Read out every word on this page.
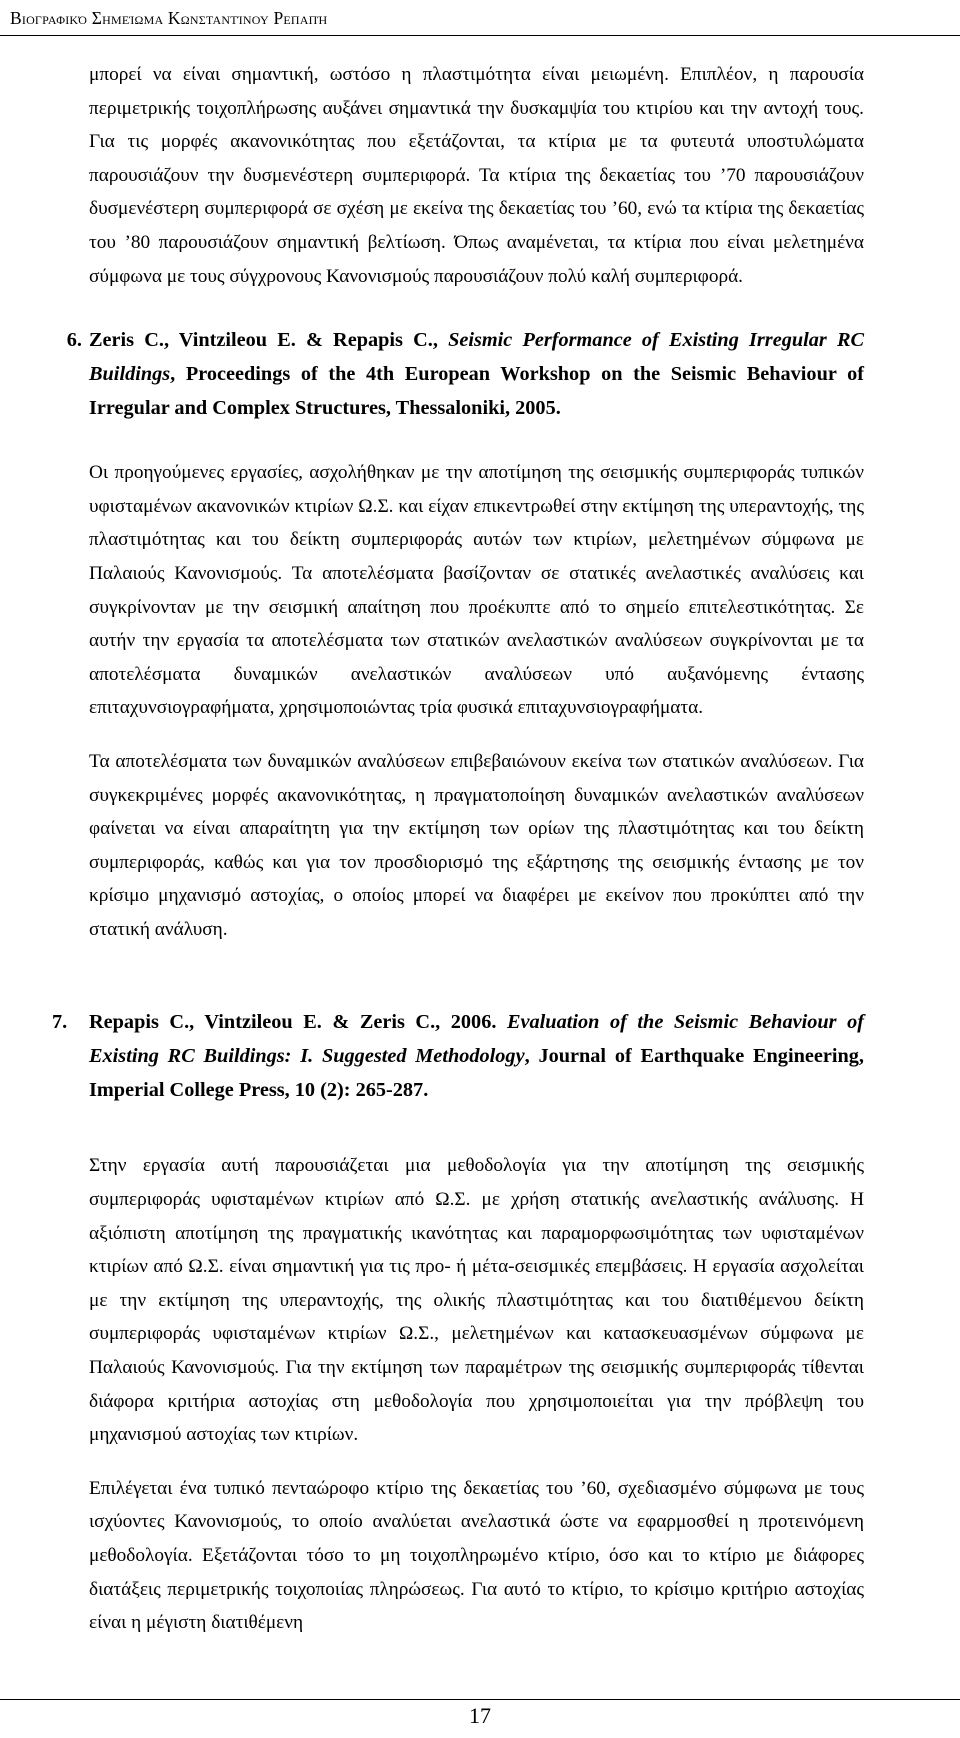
Βιογραφικό Σημείωμα Κωνσταντίνου Ρεπαπή

μπορεί να είναι σημαντική, ωστόσο η πλαστιμότητα είναι μειωμένη. Επιπλέον, η παρουσία περιμετρικής τοιχοπλήρωσης αυξάνει σημαντικά την δυσκαμψία του κτιρίου και την αντοχή τους. Για τις μορφές ακανονικότητας που εξετάζονται, τα κτίρια με τα φυτευτά υποστυλώματα παρουσιάζουν την δυσμενέστερη συμπεριφορά. Τα κτίρια της δεκαετίας του ’70 παρουσιάζουν δυσμενέστερη συμπεριφορά σε σχέση με εκείνα της δεκαετίας του ’60, ενώ τα κτίρια της δεκαετίας του ’80 παρουσιάζουν σημαντική βελτίωση. Όπως αναμένεται, τα κτίρια που είναι μελετημένα σύμφωνα με τους σύγχρονους Κανονισμούς παρουσιάζουν πολύ καλή συμπεριφορά.

6. Zeris C., Vintzileou E. & Repapis C., Seismic Performance of Existing Irregular RC Buildings, Proceedings of the 4th European Workshop on the Seismic Behaviour of Irregular and Complex Structures, Thessaloniki, 2005.

Οι προηγούμενες εργασίες, ασχολήθηκαν με την αποτίμηση της σεισμικής συμπεριφοράς τυπικών υφισταμένων ακανονικών κτιρίων Ω.Σ. και είχαν επικεντρωθεί στην εκτίμηση της υπεραντοχής, της πλαστιμότητας και του δείκτη συμπεριφοράς αυτών των κτιρίων, μελετημένων σύμφωνα με Παλαιούς Κανονισμούς. Τα αποτελέσματα βασίζονταν σε στατικές ανελαστικές αναλύσεις και συγκρίνονταν με την σεισμική απαίτηση που προέκυπτε από το σημείο επιτελεστικότητας. Σε αυτήν την εργασία τα αποτελέσματα των στατικών ανελαστικών αναλύσεων συγκρίνονται με τα αποτελέσματα δυναμικών ανελαστικών αναλύσεων υπό αυξανόμενης έντασης επιταχυνσιογραφήματα, χρησιμοποιώντας τρία φυσικά επιταχυνσιογραφήματα.

Τα αποτελέσματα των δυναμικών αναλύσεων επιβεβαιώνουν εκείνα των στατικών αναλύσεων. Για συγκεκριμένες μορφές ακανονικότητας, η πραγματοποίηση δυναμικών ανελαστικών αναλύσεων φαίνεται να είναι απαραίτητη για την εκτίμηση των ορίων της πλαστιμότητας και του δείκτη συμπεριφοράς, καθώς και για τον προσδιορισμό της εξάρτησης της σεισμικής έντασης με τον κρίσιμο μηχανισμό αστοχίας, ο οποίος μπορεί να διαφέρει με εκείνον που προκύπτει από την στατική ανάλυση.

7. Repapis C., Vintzileou E. & Zeris C., 2006. Evaluation of the Seismic Behaviour of Existing RC Buildings: I. Suggested Methodology, Journal of Earthquake Engineering, Imperial College Press, 10 (2): 265-287.

Στην εργασία αυτή παρουσιάζεται μια μεθοδολογία για την αποτίμηση της σεισμικής συμπεριφοράς υφισταμένων κτιρίων από Ω.Σ. με χρήση στατικής ανελαστικής ανάλυσης. Η αξιόπιστη αποτίμηση της πραγματικής ικανότητας και παραμορφωσιμότητας των υφισταμένων κτιρίων από Ω.Σ. είναι σημαντική για τις προ- ή μέτα-σεισμικές επεμβάσεις. Η εργασία ασχολείται με την εκτίμηση της υπεραντοχής, της ολικής πλαστιμότητας και του διατιθέμενου δείκτη συμπεριφοράς υφισταμένων κτιρίων Ω.Σ., μελετημένων και κατασκευασμένων σύμφωνα με Παλαιούς Κανονισμούς. Για την εκτίμηση των παραμέτρων της σεισμικής συμπεριφοράς τίθενται διάφορα κριτήρια αστοχίας στη μεθοδολογία που χρησιμοποιείται για την πρόβλεψη του μηχανισμού αστοχίας των κτιρίων.

Επιλέγεται ένα τυπικό πενταώροφο κτίριο της δεκαετίας του ’60, σχεδιασμένο σύμφωνα με τους ισχύοντες Κανονισμούς, το οποίο αναλύεται ανελαστικά ώστε να εφαρμοσθεί η προτεινόμενη μεθοδολογία. Εξετάζονται τόσο το μη τοιχοπληρωμένο κτίριο, όσο και το κτίριο με διάφορες διατάξεις περιμετρικής τοιχοποιίας πληρώσεως. Για αυτό το κτίριο, το κρίσιμο κριτήριο αστοχίας είναι η μέγιστη διατιθέμενη

17
